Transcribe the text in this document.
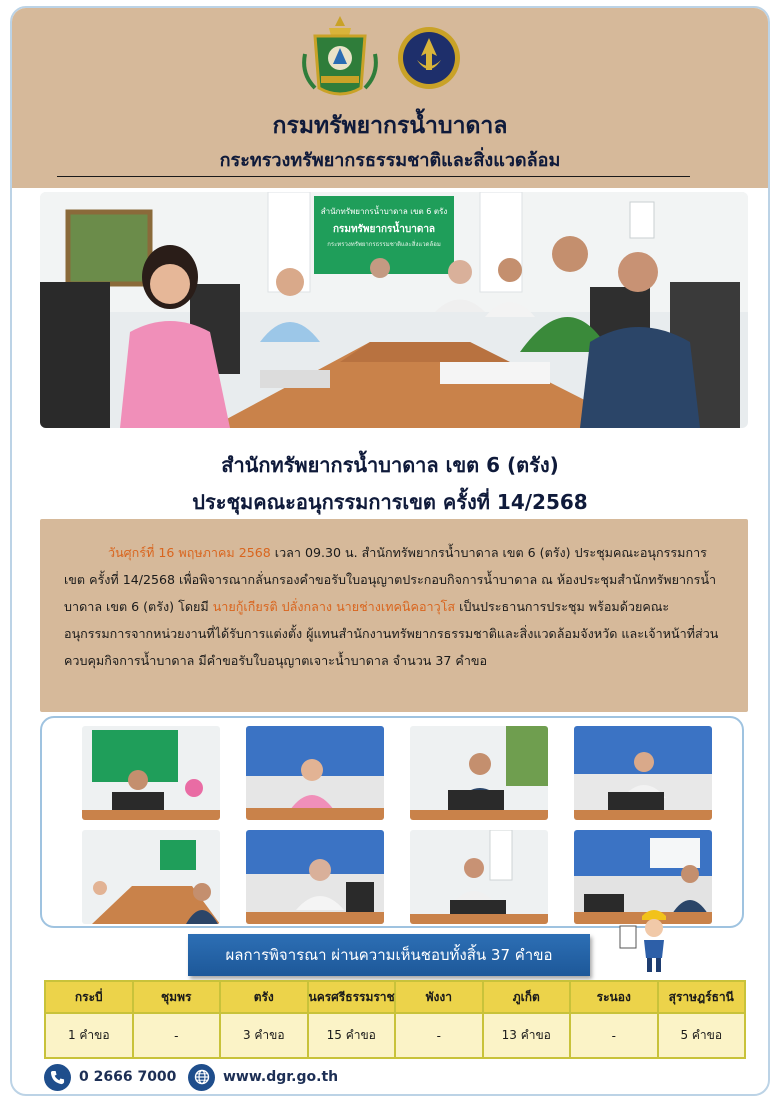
กรมทรัพยากรน้ำบาดาล
กระทรวงทรัพยากรธรรมชาติและสิ่งแวดล้อม
สำนักทรัพยากรน้ำบาดาล เขต 6 ตรัง
กรมทรัพยากรน้ำบาดาล
กระทรวงทรัพยากรธรรมชาติและสิ่งแวดล้อม
สำนักทรัพยากรน้ำบาดาล เขต 6 (ตรัง)
ประชุมคณะอนุกรรมการเขต ครั้งที่ 14/2568
วันศุกร์ที่ 16 พฤษภาคม 2568 เวลา 09.30 น. สำนักทรัพยากรน้ำบาดาล เขต 6 (ตรัง) ประชุมคณะอนุกรรมการเขต ครั้งที่ 14/2568 เพื่อพิจารณากลั่นกรองคำขอรับใบอนุญาตประกอบกิจการน้ำบาดาล ณ ห้องประชุมสำนักทรัพยากรน้ำบาดาล เขต 6 (ตรัง) โดยมี นายกู้เกียรติ ปลั่งกลาง นายช่างเทคนิคอาวุโส เป็นประธานการประชุม พร้อมด้วยคณะอนุกรรมการจากหน่วยงานที่ได้รับการแต่งตั้ง ผู้แทนสำนักงานทรัพยากรธรรมชาติและสิ่งแวดล้อมจังหวัด และเจ้าหน้าที่ส่วนควบคุมกิจการน้ำบาดาล มีคำขอรับใบอนุญาตเจาะน้ำบาดาล จำนวน 37 คำขอ
ผลการพิจารณา ผ่านความเห็นชอบทั้งสิ้น 37 คำขอ
กระบี่	ชุมพร	ตรัง	นครศรีธรรมราช	พังงา	ภูเก็ต	ระนอง	สุราษฎร์ธานี
1 คำขอ	-	3 คำขอ	15 คำขอ	-	13 คำขอ	-	5 คำขอ
0 2666 7000	www.dgr.go.th
